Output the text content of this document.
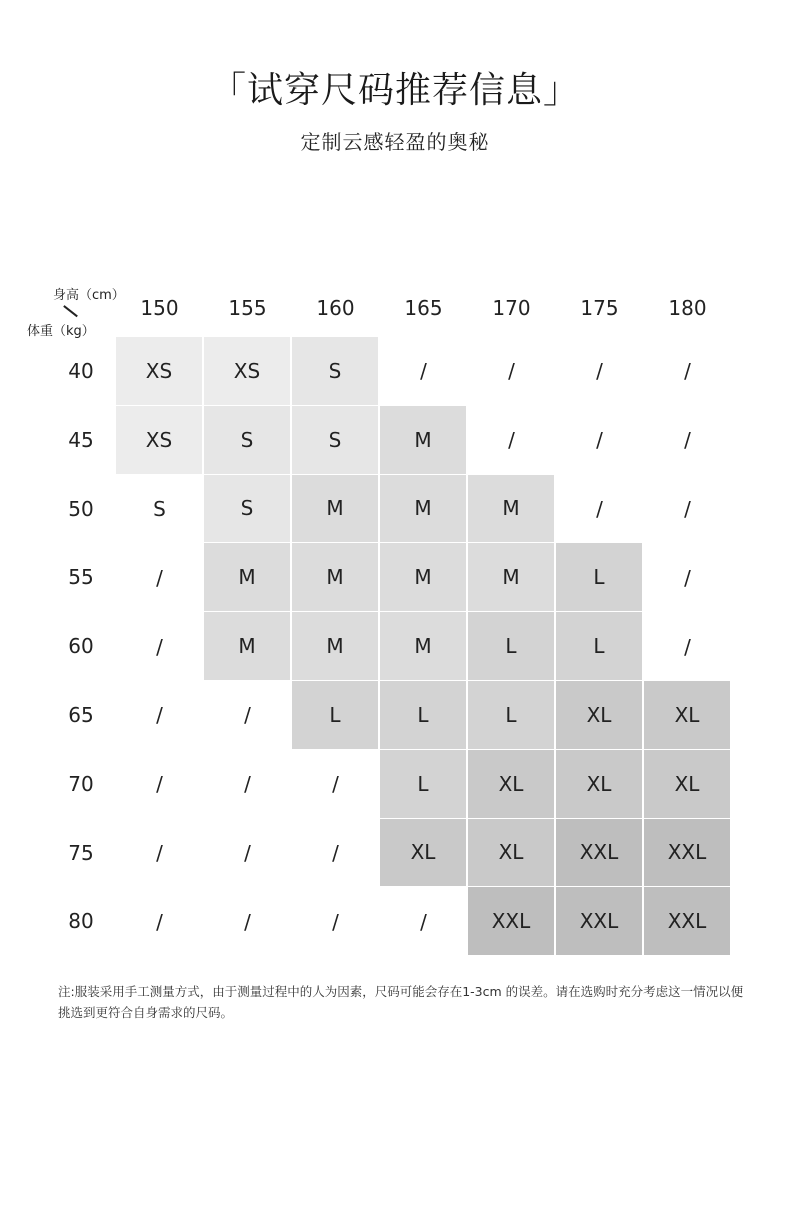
「试穿尺码推荐信息」
定制云感轻盈的奥秘
身高（cm）
体重（kg）
150	155	160	165	170	175	180
40	XS	XS	S	/	/	/	/
45	XS	S	S	M	/	/	/
50	S	S	M	M	M	/	/
55	/	M	M	M	M	L	/
60	/	M	M	M	L	L	/
65	/	/	L	L	L	XL	XL
70	/	/	/	L	XL	XL	XL
75	/	/	/	XL	XL	XXL	XXL
80	/	/	/	/	XXL	XXL	XXL
注:服装采用手工测量方式，由于测量过程中的人为因素，尺码可能会存在1-3cm 的误差。请在选购时充分考虑这一情况以便挑选到更符合自身需求的尺码。
